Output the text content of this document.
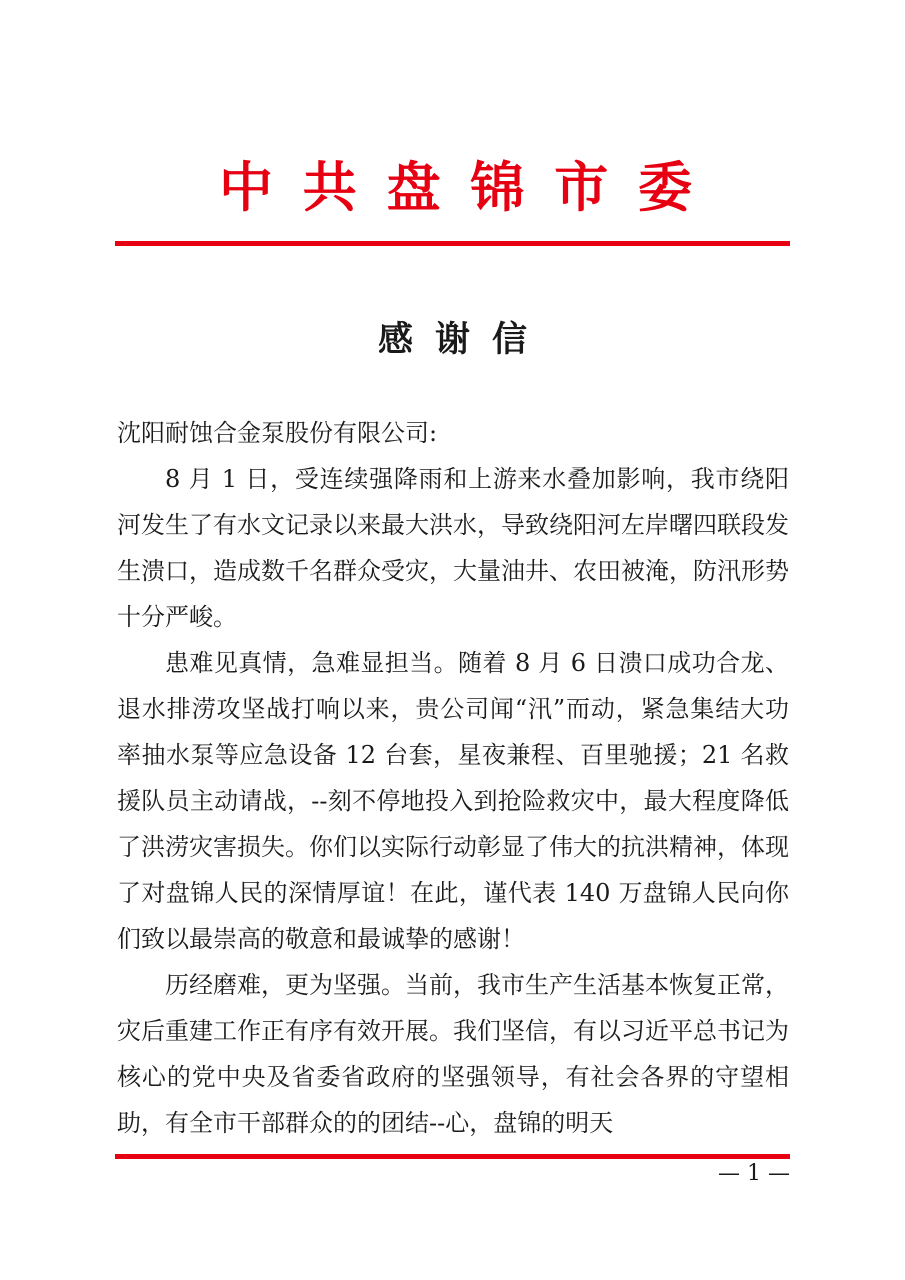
中 共 盘 锦 市 委
感谢信

沈阳耐蚀合金泵股份有限公司:

8 月 1 日，受连续强降雨和上游来水叠加影响，我市绕阳河发生了有水文记录以来最大洪水，导致绕阳河左岸曙四联段发生溃口，造成数千名群众受灾，大量油井、农田被淹，防汛形势十分严峻。

患难见真情，急难显担当。随着 8 月 6 日溃口成功合龙、退水排涝攻坚战打响以来，贵公司闻“汛”而动，紧急集结大功率抽水泵等应急设备 12 台套，星夜兼程、百里驰援；21 名救援队员主动请战，--刻不停地投入到抢险救灾中，最大程度降低了洪涝灾害损失。你们以实际行动彰显了伟大的抗洪精神，体现了对盘锦人民的深情厚谊！在此，谨代表 140 万盘锦人民向你们致以最崇高的敬意和最诚挚的感谢！

历经磨难，更为坚强。当前，我市生产生活基本恢复正常，灾后重建工作正有序有效开展。我们坚信，有以习近平总书记为核心的党中央及省委省政府的坚强领导，有社会各界的守望相助，有全市干部群众的的团结--心，盘锦的明天

— 1 —
